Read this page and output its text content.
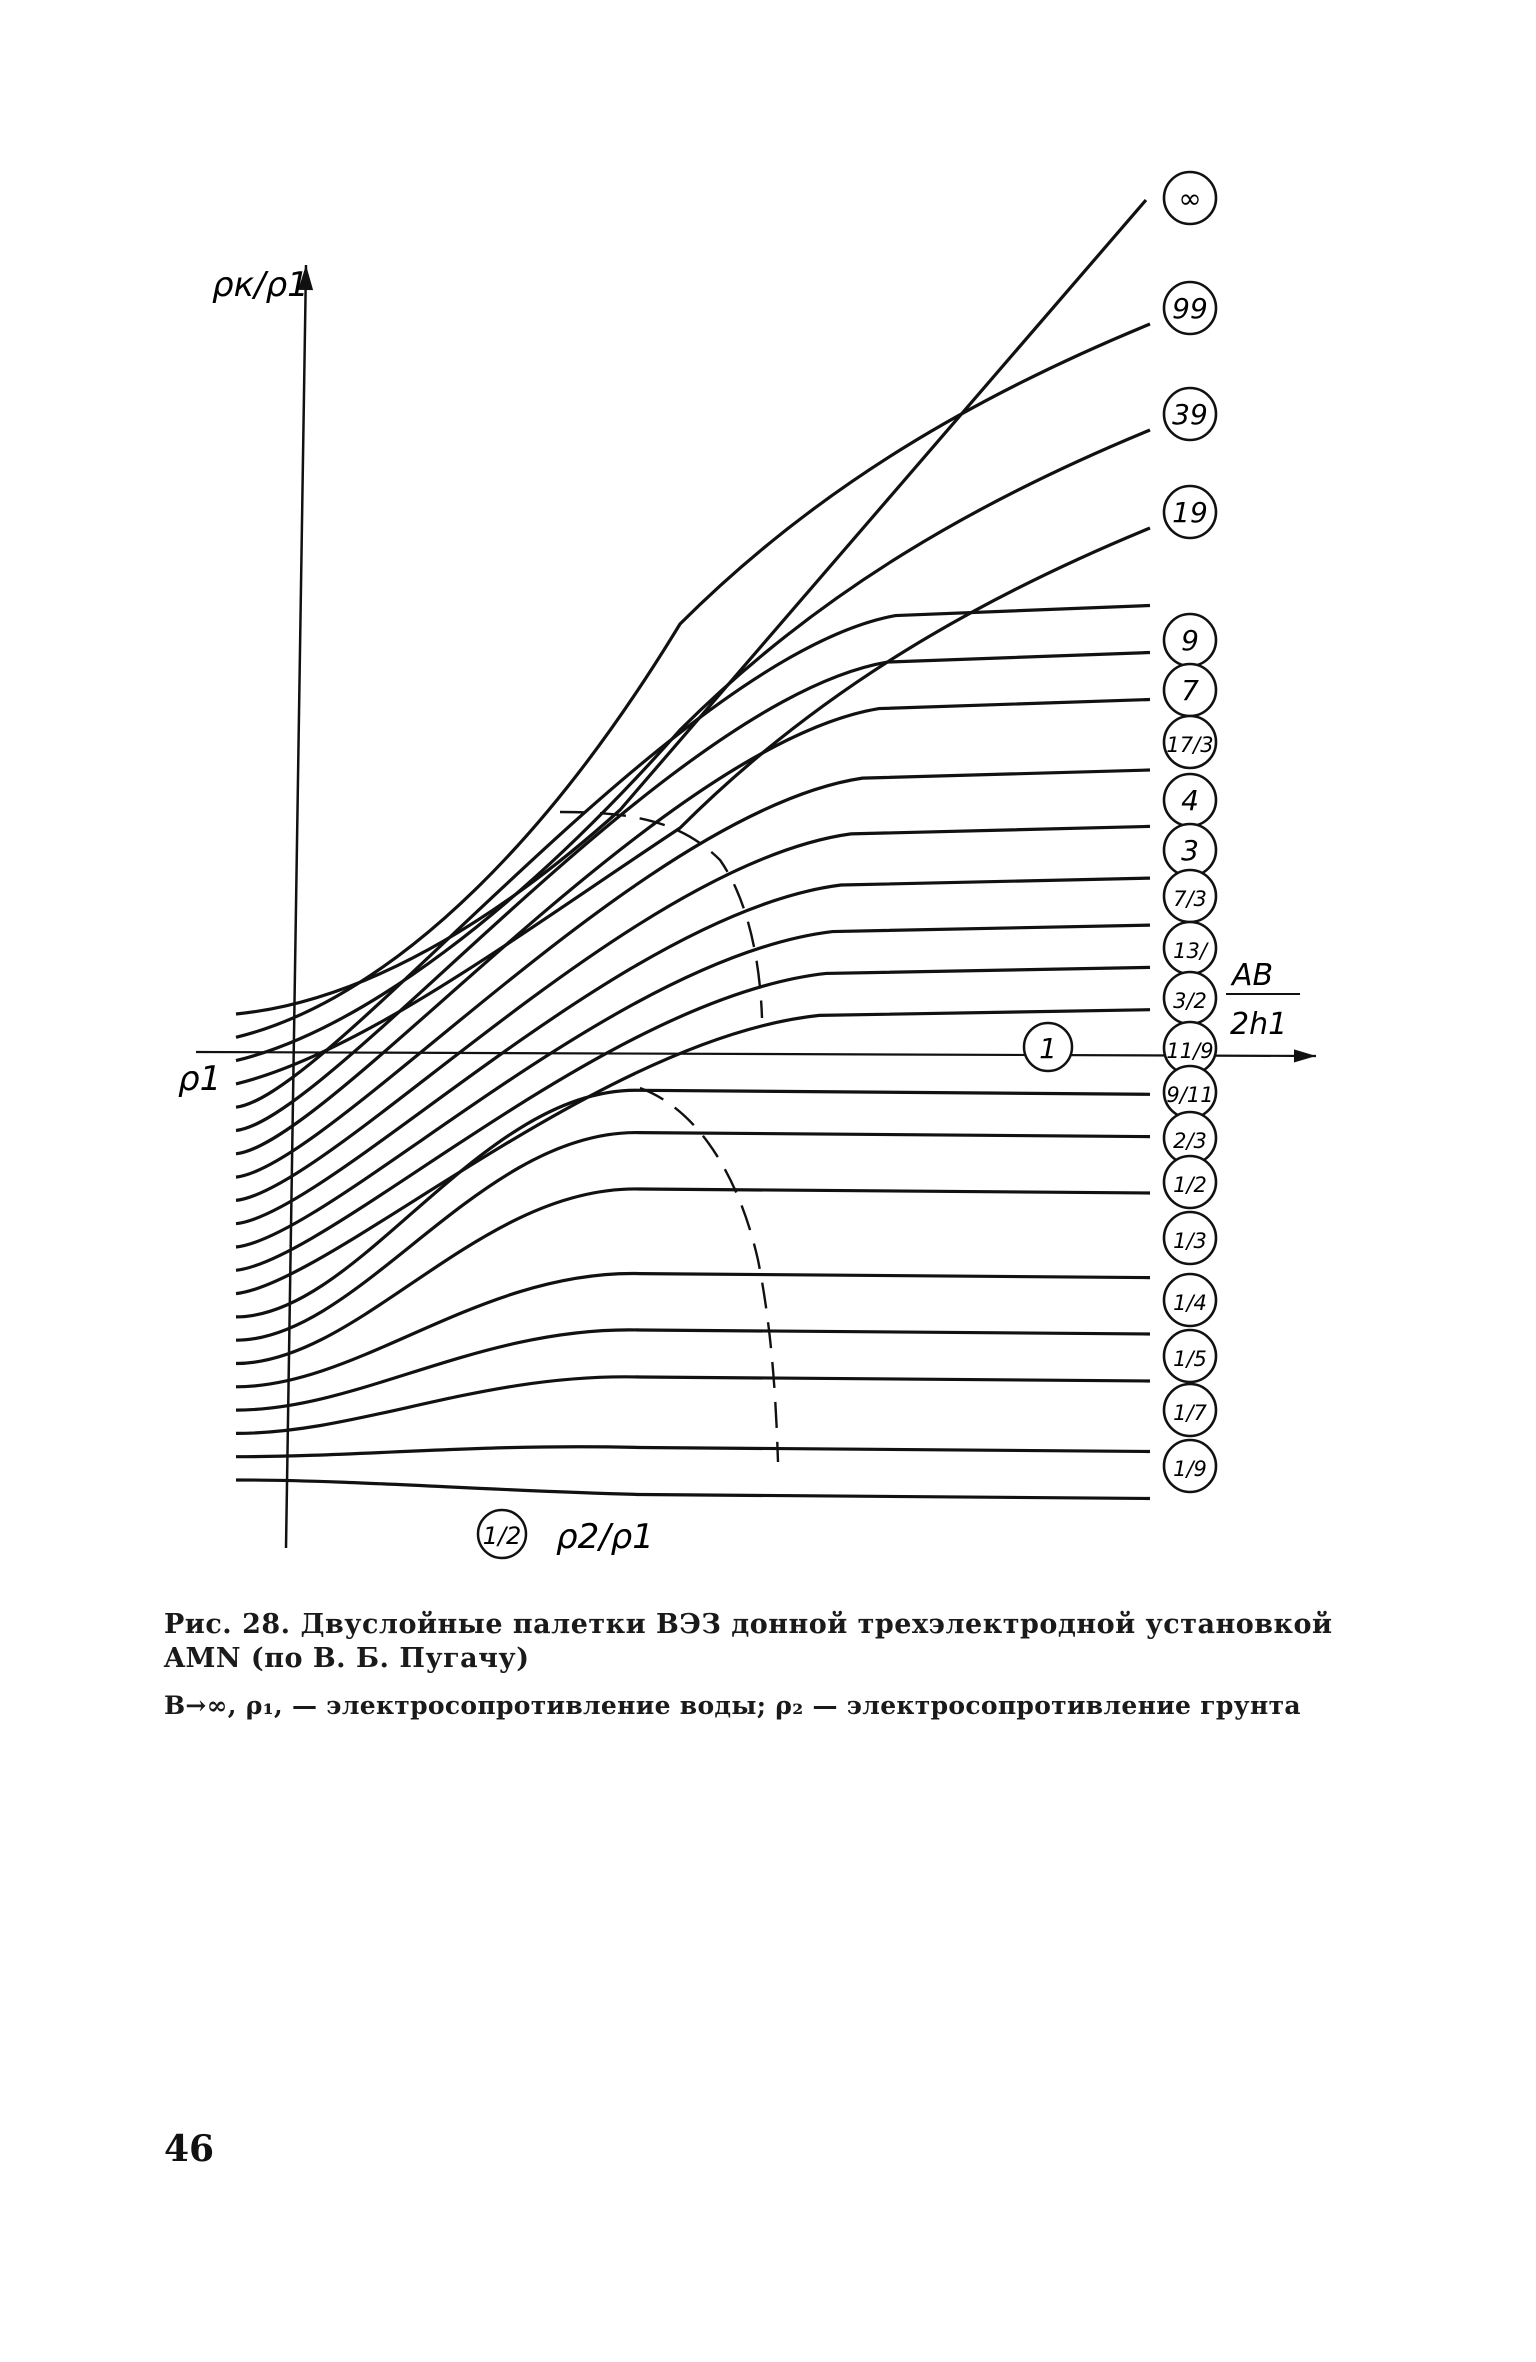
ρк/ρ1
ρ1
AB
2h1
1
1/2 ρ2/ρ1
∞
99
39
19
9
7
17/3
4
3
7/3
13/
3/2
11/9
9/11
2/3
1/2
1/3
1/4
1/5
1/7
1/9
Рис. 28. Двуслойные палетки ВЭЗ донной трехэлектродной установкой AMN (по В. Б. Пугачу)
B→∞, ρ₁, — электросопротивление воды; ρ₂ — электросопротивление грунта
46
